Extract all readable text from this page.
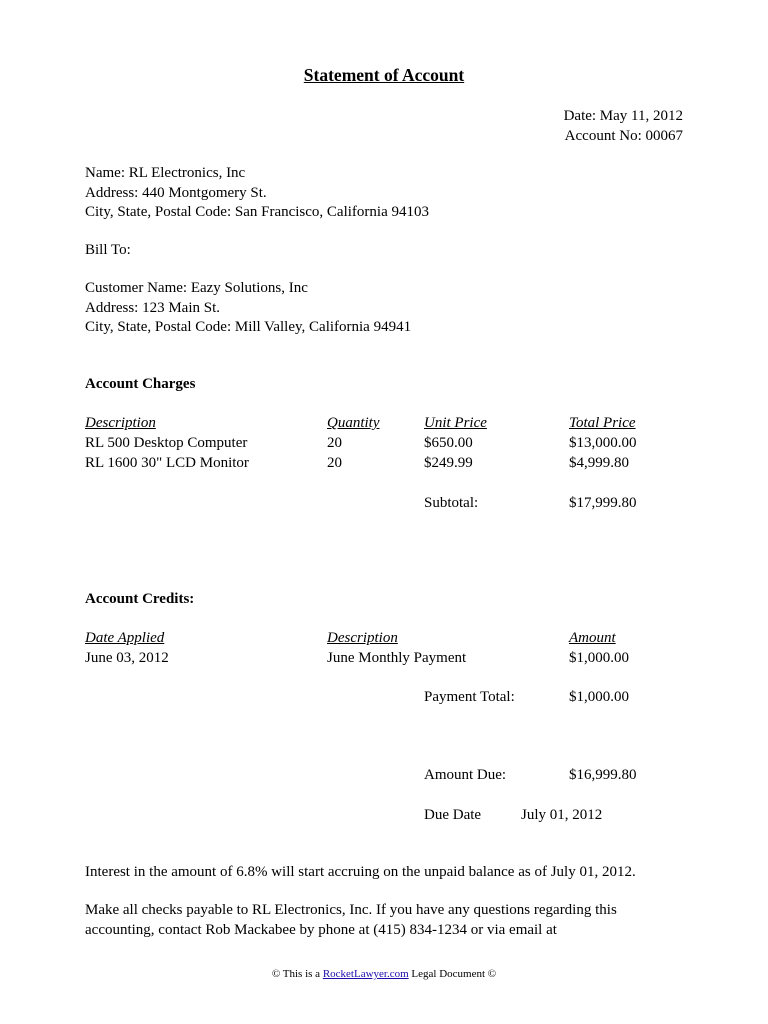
Statement of Account
Date: May 11, 2012
Account No: 00067
Name: RL Electronics, Inc
Address: 440 Montgomery St.
City, State, Postal Code: San Francisco, California 94103
Bill To:
Customer Name: Eazy Solutions, Inc
Address: 123 Main St.
City, State, Postal Code: Mill Valley, California 94941
Account Charges
Description	Quantity	Unit Price	Total Price
RL 500 Desktop Computer	20	$650.00	$13,000.00
RL 1600 30" LCD Monitor	20	$249.99	$4,999.80
Subtotal:	$17,999.80
Account Credits:
Date Applied	Description	Amount
June 03, 2012	June Monthly Payment	$1,000.00
Payment Total:	$1,000.00
Amount Due:	$16,999.80
Due Date	July 01, 2012
Interest in the amount of 6.8% will start accruing on the unpaid balance as of July 01, 2012.
Make all checks payable to RL Electronics, Inc. If you have any questions regarding this
accounting, contact Rob Mackabee by phone at (415) 834-1234 or via email at
© This is a RocketLawyer.com Legal Document ©
